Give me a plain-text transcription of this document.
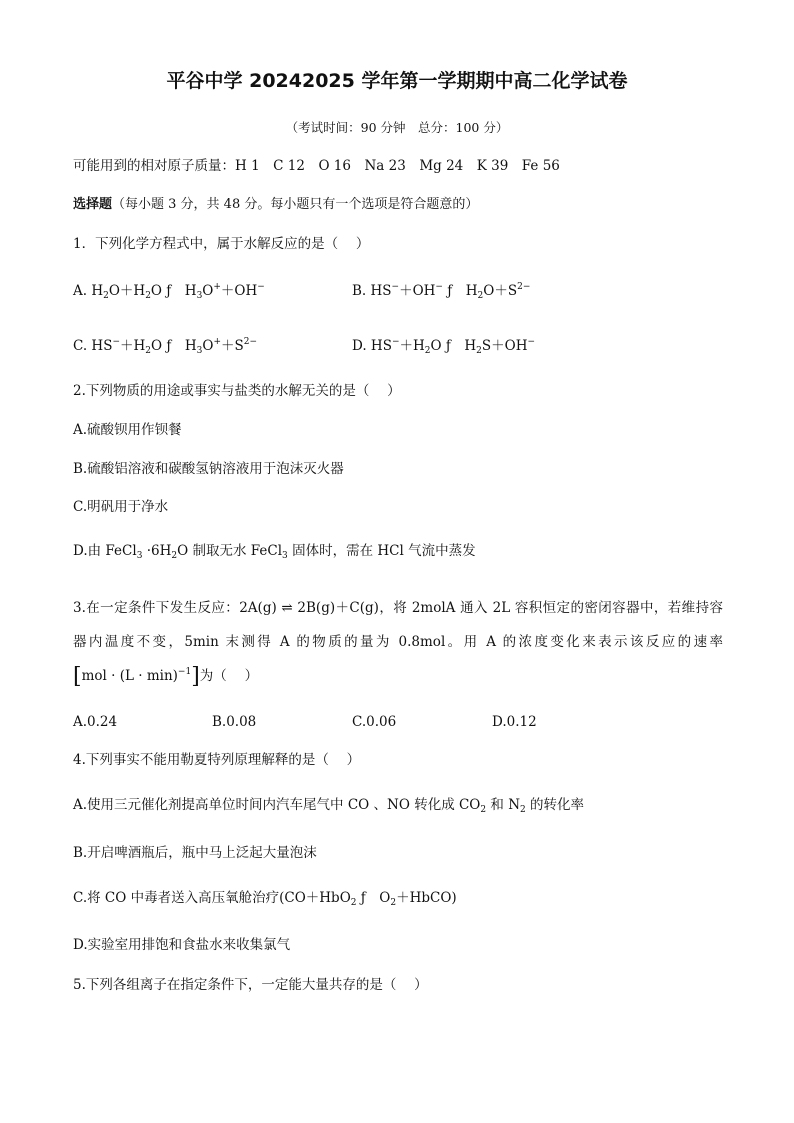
平谷中学 20242025 学年第一学期期中高二化学试卷
（考试时间：90 分钟　总分：100 分）
可能用到的相对原子质量：H 1　C 12　O 16　Na 23　Mg 24　K 39　Fe 56
选择题（每小题 3 分，共 48 分。每小题只有一个选项是符合题意的）
1．下列化学方程式中，属于水解反应的是（　 ）
A. $H_2O+H_2O$ ƒ　$H_3O^++OH^-$	B. HS−＋OH− ƒ　$H_2O+S^{2-}$
C. $HS^-+H_2O$ ƒ　$H_3O^++S^{2-}$	D. $HS^-+H_2O$ ƒ　$H_2S+OH^-$
2.下列物质的用途或事实与盐类的水解无关的是（　 ）
A.硫酸钡用作钡餐
B.硫酸铝溶液和碳酸氢钠溶液用于泡沫灭火器
C.明矾用于净水
D.由 FeCl$_3$ $\cdot 6H_2O$ 制取无水 FeCl$_3$ 固体时，需在 HCl 气流中蒸发
3.在一定条件下发生反应：2A(g) ⇌ 2B(g)＋C(g)，将 2molA 通入 2L 容积恒定的密闭容器中，若维持容
器内温度不变，5min 末测得 A 的物质的量为 0.8mol。用 A 的浓度变化来表示该反应的速率
$[mol \cdot (L \cdot \min)^{-1}]$为（　 ）
A.0.24	B.0.08	C.0.06	D.0.12
4.下列事实不能用勒夏特列原理解释的是（　 ）
A.使用三元催化剂提高单位时间内汽车尾气中 CO 、NO 转化成 $CO_2$ 和 $N_2$ 的转化率
B.开启啤酒瓶后，瓶中马上泛起大量泡沫
C.将 CO 中毒者送入高压氧舱治疗(CO＋HbO$_2$ ƒ　$O_2+HbCO$)
D.实验室用排饱和食盐水来收集氯气
5.下列各组离子在指定条件下，一定能大量共存的是（　 ）
